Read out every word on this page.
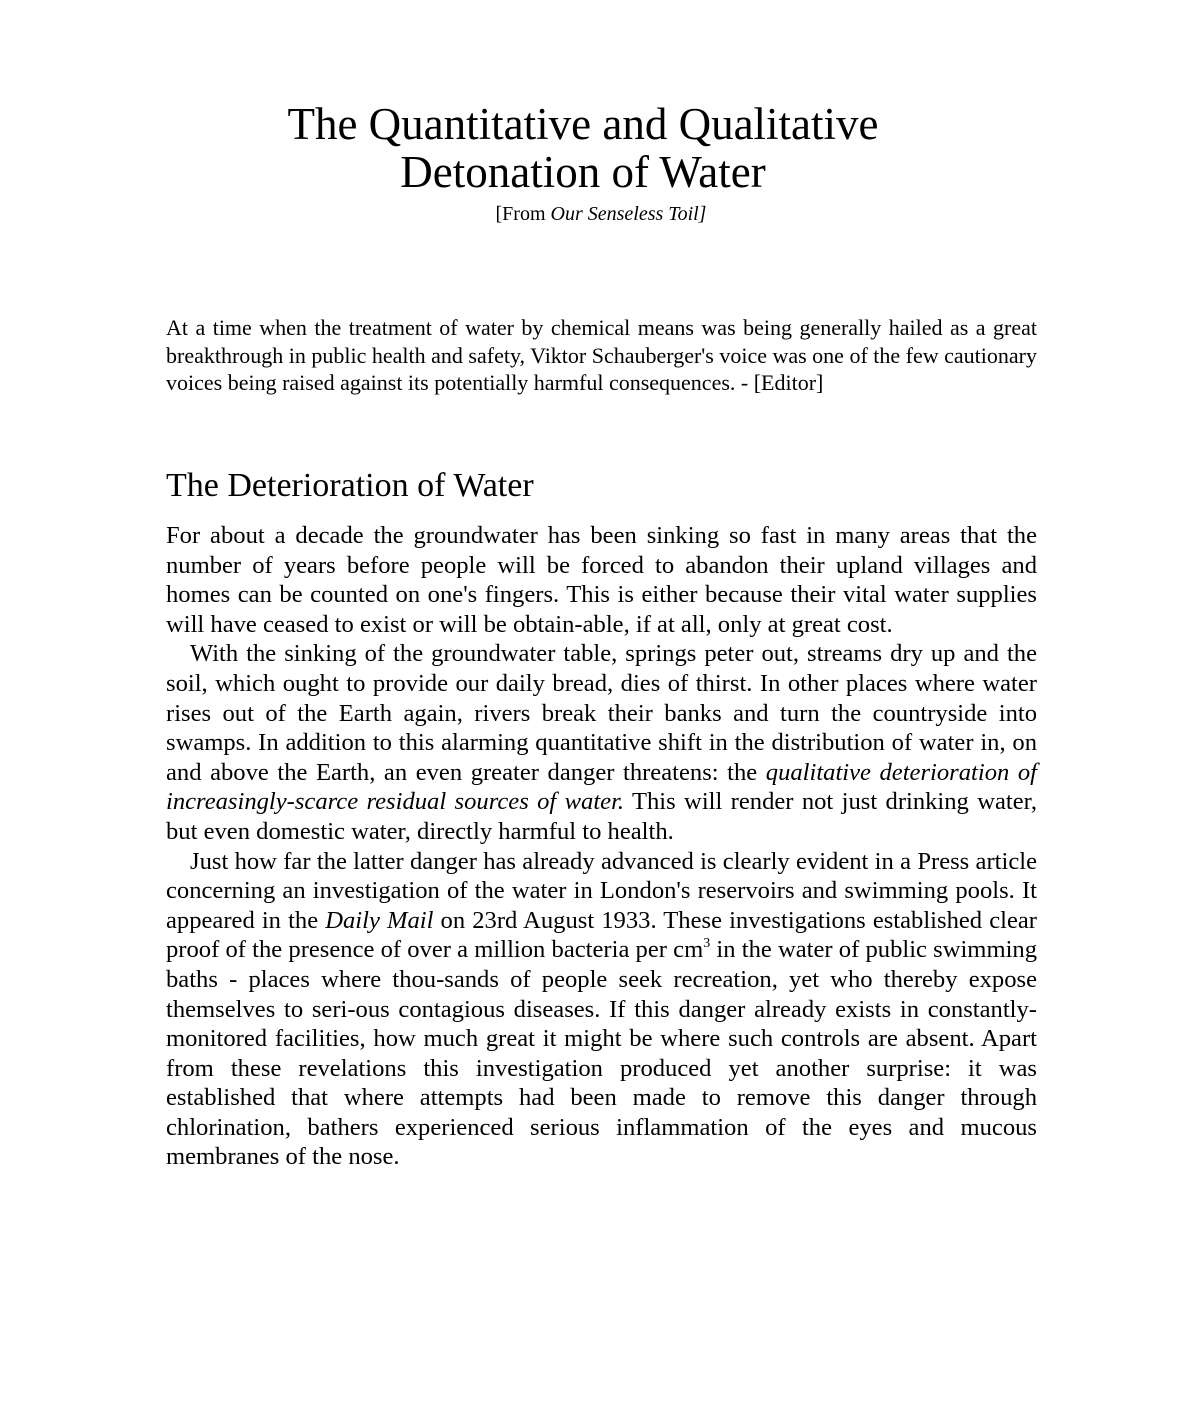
The Quantitative and Qualitative
Detonation of Water
[From Our Senseless Toil]

At a time when the treatment of water by chemical means was being generally hailed as a great breakthrough in public health and safety, Viktor Schauberger's voice was one of the few cautionary voices being raised against its potentially harmful consequences. - [Editor]

The Deterioration of Water

For about a decade the groundwater has been sinking so fast in many areas that the number of years before people will be forced to abandon their upland villages and homes can be counted on one's fingers. This is either because their vital water supplies will have ceased to exist or will be obtain-able, if at all, only at great cost.

With the sinking of the groundwater table, springs peter out, streams dry up and the soil, which ought to provide our daily bread, dies of thirst. In other places where water rises out of the Earth again, rivers break their banks and turn the countryside into swamps. In addition to this alarming quantitative shift in the distribution of water in, on and above the Earth, an even greater danger threatens: the qualitative deterioration of increasingly-scarce residual sources of water. This will render not just drinking water, but even domestic water, directly harmful to health.

Just how far the latter danger has already advanced is clearly evident in a Press article concerning an investigation of the water in London's reservoirs and swimming pools. It appeared in the Daily Mail on 23rd August 1933. These investigations established clear proof of the presence of over a million bacteria per $cm^3$ in the water of public swimming baths - places where thou-sands of people seek recreation, yet who thereby expose themselves to seri-ous contagious diseases. If this danger already exists in constantly-monitored facilities, how much great it might be where such controls are absent. Apart from these revelations this investigation produced yet another surprise: it was established that where attempts had been made to remove this danger through chlorination, bathers experienced serious inflammation of the eyes and mucous membranes of the nose.
